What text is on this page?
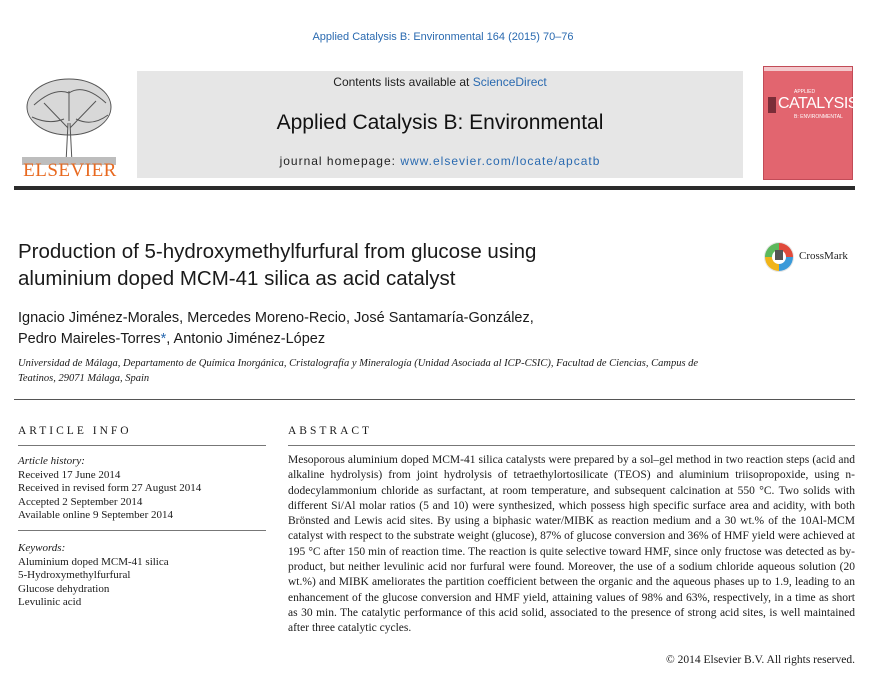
Applied Catalysis B: Environmental 164 (2015) 70–76
ELSEVIER
Contents lists available at ScienceDirect
Applied Catalysis B: Environmental
journal homepage: www.elsevier.com/locate/apcatb
APPLIED
CATALYSIS
B: ENVIRONMENTAL
Production of 5-hydroxymethylfurfural from glucose using
aluminium doped MCM-41 silica as acid catalyst
CrossMark
Ignacio Jiménez-Morales, Mercedes Moreno-Recio, José Santamaría-González,
Pedro Maireles-Torres*, Antonio Jiménez-López
Universidad de Málaga, Departamento de Química Inorgánica, Cristalografía y Mineralogía (Unidad Asociada al ICP-CSIC), Facultad de Ciencias, Campus de
Teatinos, 29071 Málaga, Spain
ARTICLE INFO	ABSTRACT
Article history:
Received 17 June 2014
Received in revised form 27 August 2014
Accepted 2 September 2014
Available online 9 September 2014
Keywords:
Aluminium doped MCM-41 silica
5-Hydroxymethylfurfural
Glucose dehydration
Levulinic acid
Mesoporous aluminium doped MCM-41 silica catalysts were prepared by a sol–gel method in two reaction steps (acid and alkaline hydrolysis) from joint hydrolysis of tetraethylortosilicate (TEOS) and aluminium triisopropoxide, using n-dodecylammonium chloride as surfactant, at room temperature, and subsequent calcination at 550 °C. Two solids with different Si/Al molar ratios (5 and 10) were synthesized, which possess high specific surface area and acidity, with both Brönsted and Lewis acid sites. By using a biphasic water/MIBK as reaction medium and a 30 wt.% of the 10Al-MCM catalyst with respect to the substrate weight (glucose), 87% of glucose conversion and 36% of HMF yield were achieved at 195 °C after 150 min of reaction time. The reaction is quite selective toward HMF, since only fructose was detected as by-product, but neither levulinic acid nor furfural were found. Moreover, the use of a sodium chloride aqueous solution (20 wt.%) and MIBK ameliorates the partition coefficient between the organic and the aqueous phases up to 1.9, leading to an enhancement of the glucose conversion and HMF yield, attaining values of 98% and 63%, respectively, in a time as short as 30 min. The catalytic performance of this acid solid, associated to the presence of strong acid sites, is well maintained after three catalytic cycles.
© 2014 Elsevier B.V. All rights reserved.
